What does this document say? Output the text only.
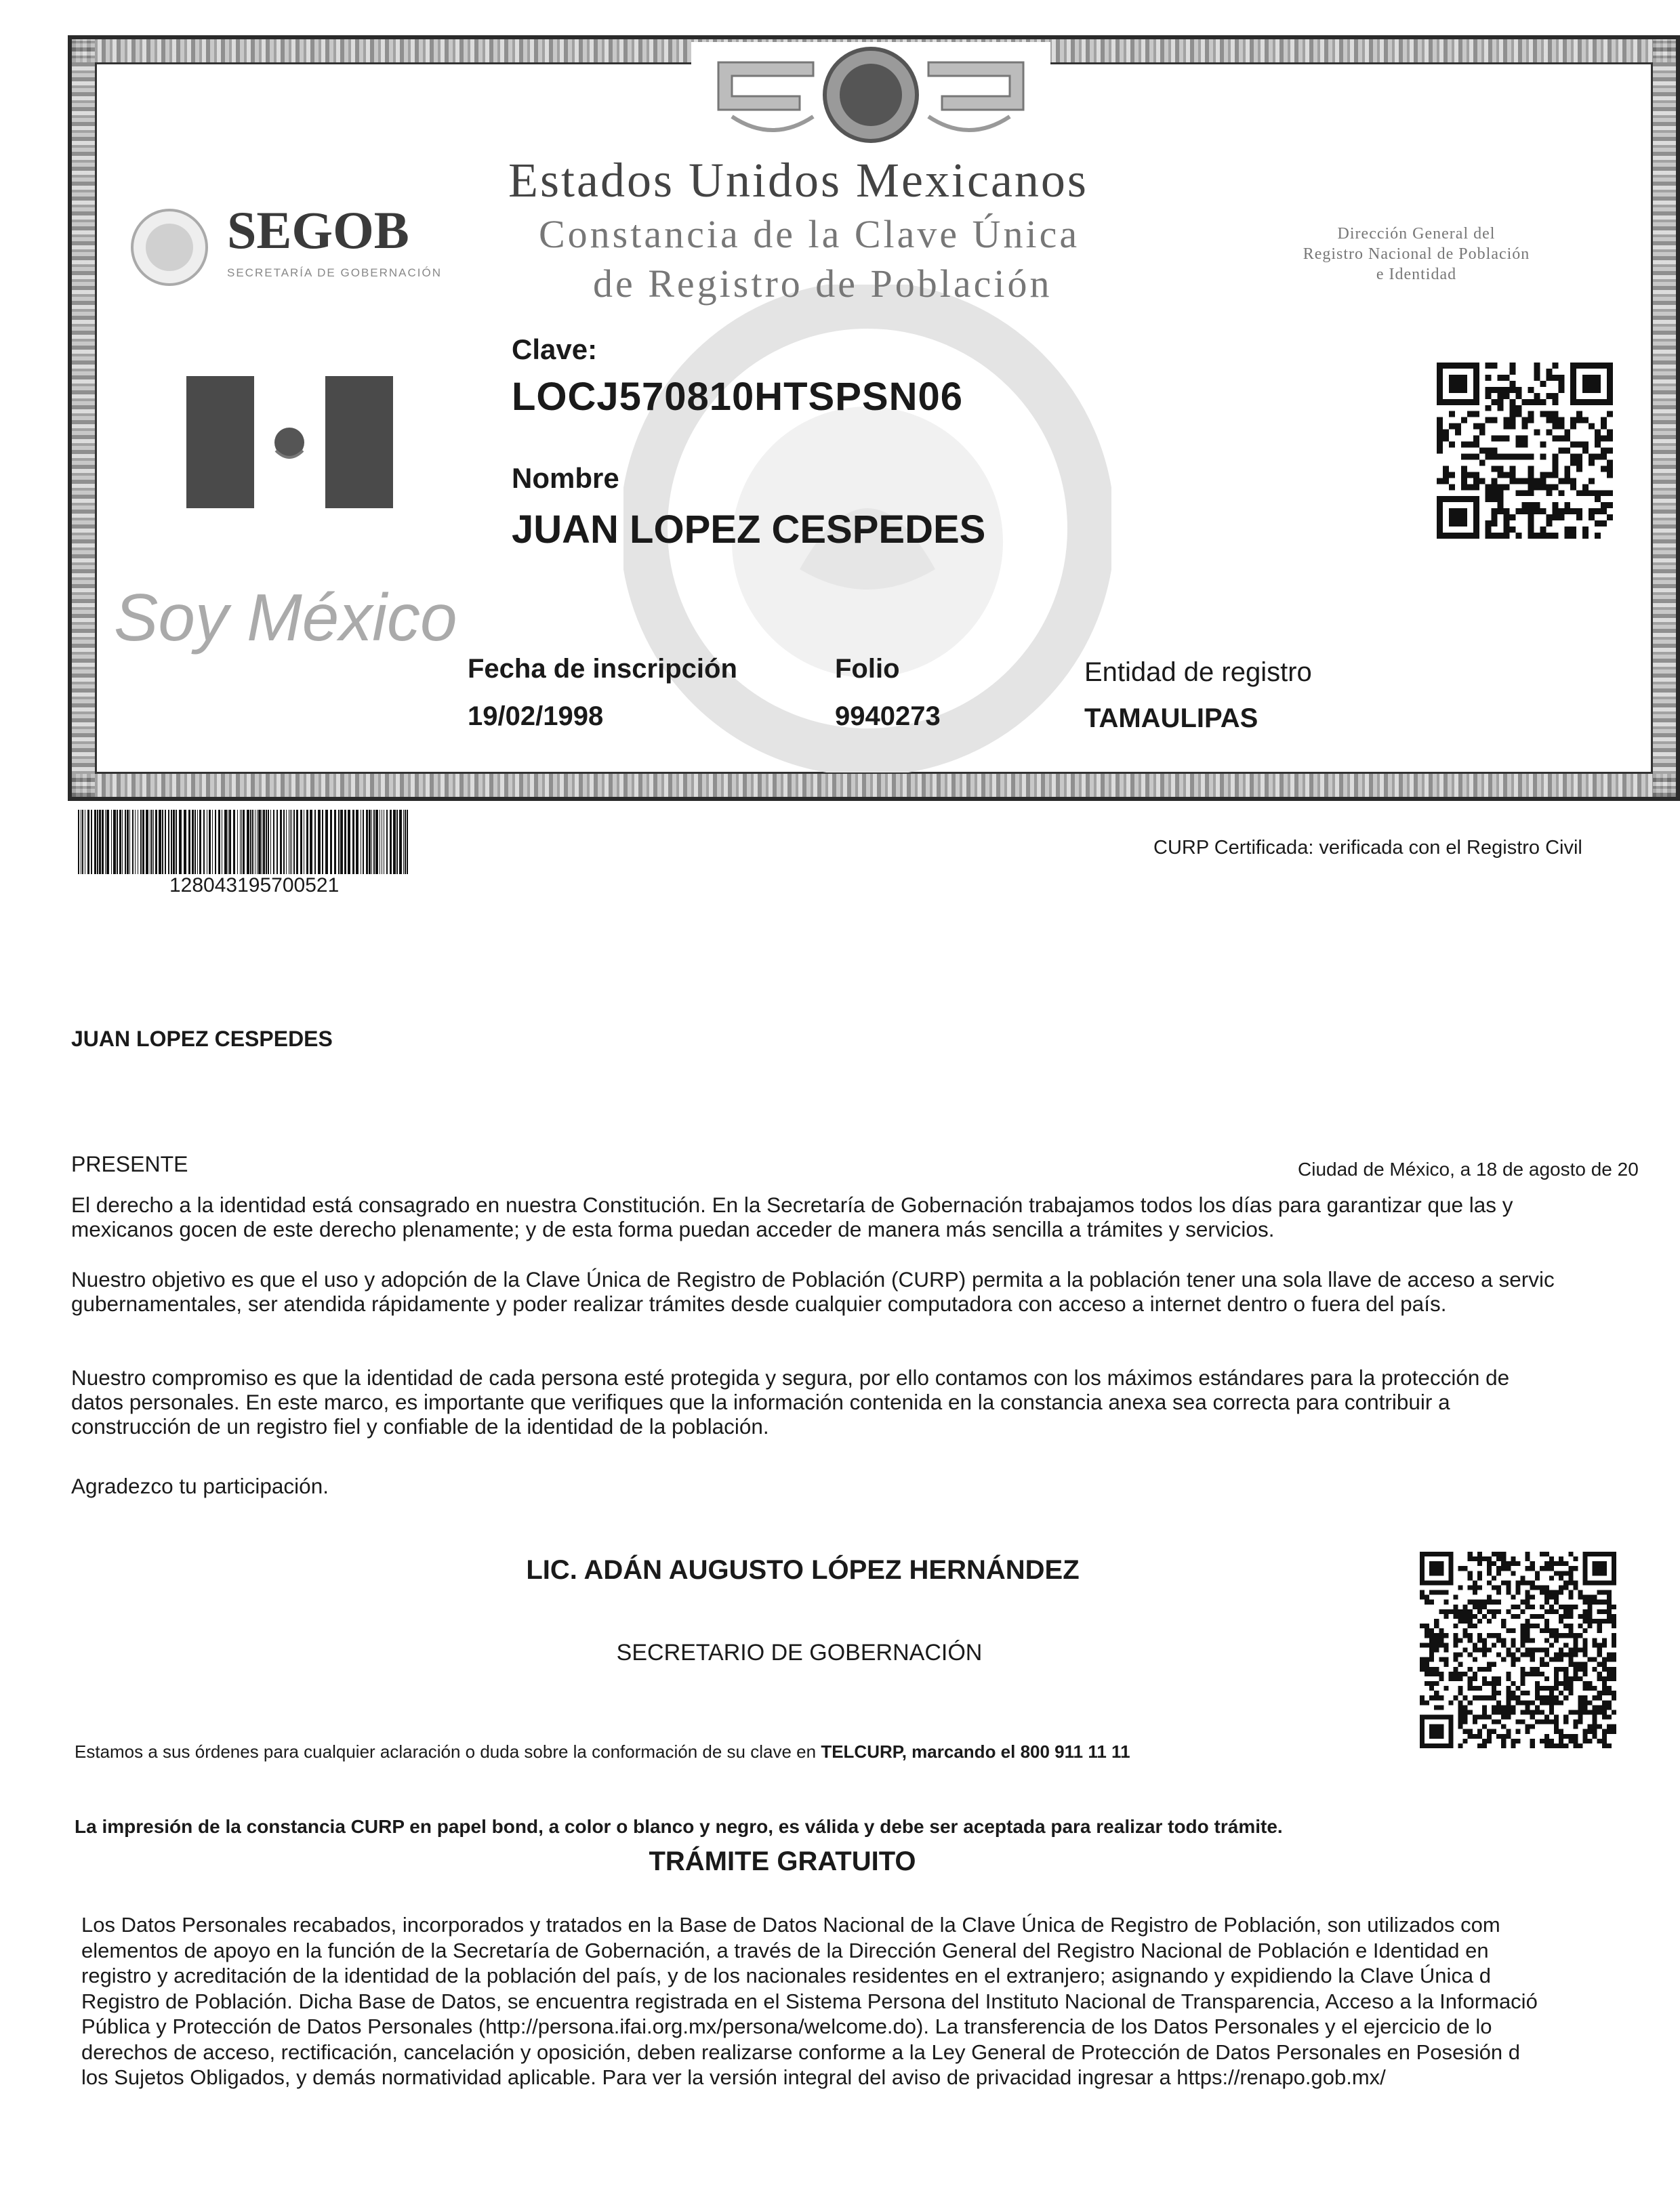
Estados Unidos Mexicanos
Constancia de la Clave Única
de Registro de Población
Dirección General del
Registro Nacional de Población
e Identidad
SEGOB
SECRETARÍA DE GOBERNACIÓN
Soy México
Clave:
LOCJ570810HTSPSN06
Nombre
JUAN LOPEZ CESPEDES
Fecha de inscripción
19/02/1998
Folio
9940273
Entidad de registro
TAMAULIPAS
128043195700521
CURP Certificada: verificada con el Registro Civil
JUAN LOPEZ CESPEDES
PRESENTE	Ciudad de México, a 18 de agosto de 20
El derecho a la identidad está consagrado en nuestra Constitución. En la Secretaría de Gobernación trabajamos todos los días para garantizar que las y
mexicanos gocen de este derecho plenamente; y de esta forma puedan acceder de manera más sencilla a trámites y servicios.
Nuestro objetivo es que el uso y adopción de la Clave Única de Registro de Población (CURP) permita a la población tener una sola llave de acceso a servic
gubernamentales, ser atendida rápidamente y poder realizar trámites desde cualquier computadora con acceso a internet dentro o fuera del país.
Nuestro compromiso es que la identidad de cada persona esté protegida y segura, por ello contamos con los máximos estándares para la protección de
datos personales. En este marco, es importante que verifiques que la información contenida en la constancia anexa sea correcta para contribuir a
construcción de un registro fiel y confiable de la identidad de la población.
Agradezco tu participación.
LIC. ADÁN AUGUSTO LÓPEZ HERNÁNDEZ
SECRETARIO DE GOBERNACIÓN
Estamos a sus órdenes para cualquier aclaración o duda sobre la conformación de su clave en TELCURP, marcando el 800 911 11 11
La impresión de la constancia CURP en papel bond, a color o blanco y negro, es válida y debe ser aceptada para realizar todo trámite.
TRÁMITE GRATUITO
Los Datos Personales recabados, incorporados y tratados en la Base de Datos Nacional de la Clave Única de Registro de Población, son utilizados com
elementos de apoyo en la función de la Secretaría de Gobernación, a través de la Dirección General del Registro Nacional de Población e Identidad en
registro y acreditación de la identidad de la población del país, y de los nacionales residentes en el extranjero; asignando y expidiendo la Clave Única d
Registro de Población. Dicha Base de Datos, se encuentra registrada en el Sistema Persona del Instituto Nacional de Transparencia, Acceso a la Informació
Pública y Protección de Datos Personales (http://persona.ifai.org.mx/persona/welcome.do). La transferencia de los Datos Personales y el ejercicio de lo
derechos de acceso, rectificación, cancelación y oposición, deben realizarse conforme a la Ley General de Protección de Datos Personales en Posesión d
los Sujetos Obligados, y demás normatividad aplicable. Para ver la versión integral del aviso de privacidad ingresar a https://renapo.gob.mx/
